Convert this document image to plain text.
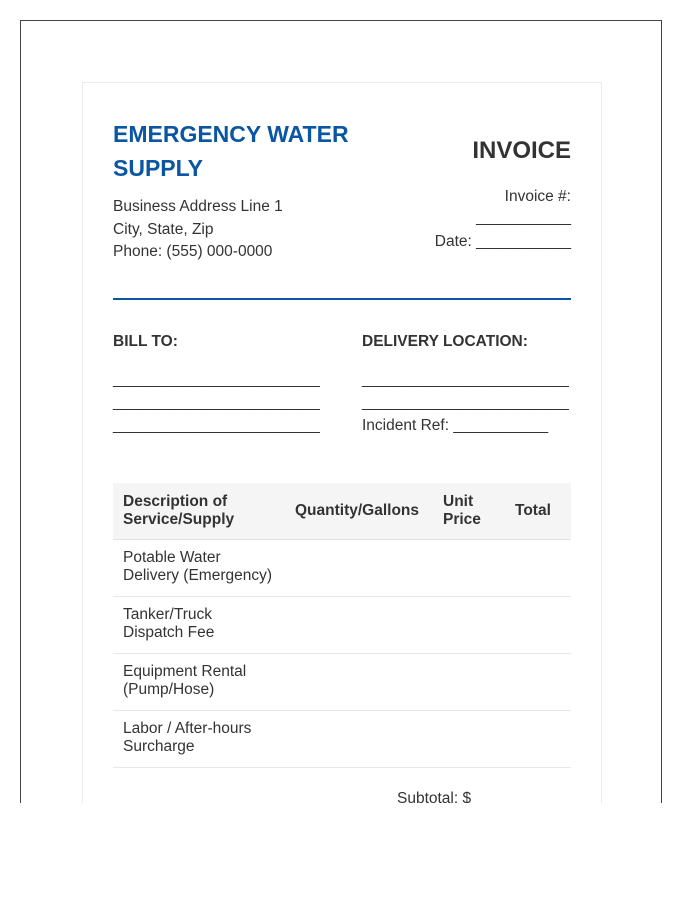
EMERGENCY WATER SUPPLY
Business Address Line 1
City, State, Zip
Phone: (555) 000-0000
INVOICE
Invoice #:
___________
Date: ___________
BILL TO:	DELIVERY LOCATION:
________________________
________________________
________________________
________________________
________________________
Incident Ref: ___________
Description of Service/Supply	Quantity/Gallons	Unit Price	Total
Potable Water Delivery (Emergency)			
Tanker/Truck Dispatch Fee			
Equipment Rental (Pump/Hose)			
Labor / After-hours Surcharge			
Subtotal: $
